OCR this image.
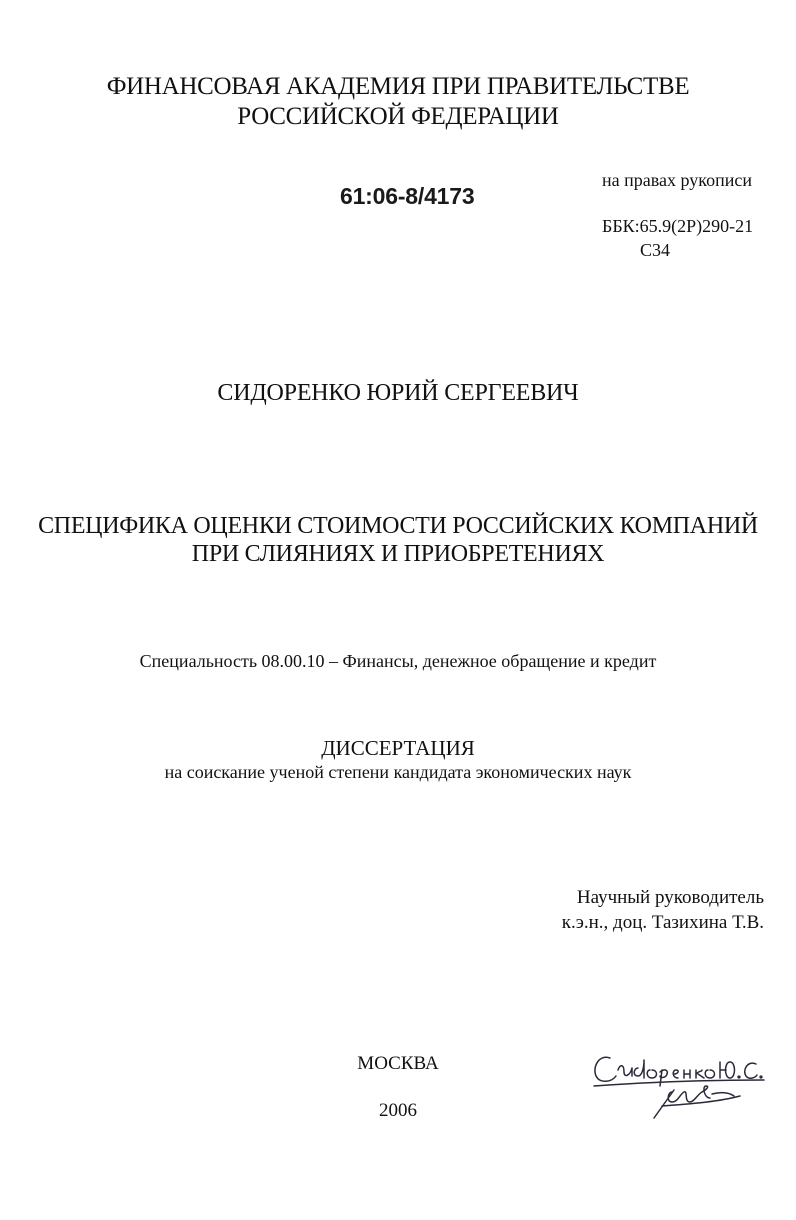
ФИНАНСОВАЯ АКАДЕМИЯ ПРИ ПРАВИТЕЛЬСТВЕ
РОССИЙСКОЙ ФЕДЕРАЦИИ
61:06-8/4173
на правах рукописи
ББК:65.9(2Р)290-21
С34
СИДОРЕНКО ЮРИЙ СЕРГЕЕВИЧ
СПЕЦИФИКА ОЦЕНКИ СТОИМОСТИ РОССИЙСКИХ КОМПАНИЙ
ПРИ СЛИЯНИЯХ И ПРИОБРЕТЕНИЯХ
Специальность 08.00.10 – Финансы, денежное обращение и кредит
ДИССЕРТАЦИЯ
на соискание ученой степени кандидата экономических наук
Научный руководитель
к.э.н., доц. Тазихина Т.В.
МОСКВА
2006
